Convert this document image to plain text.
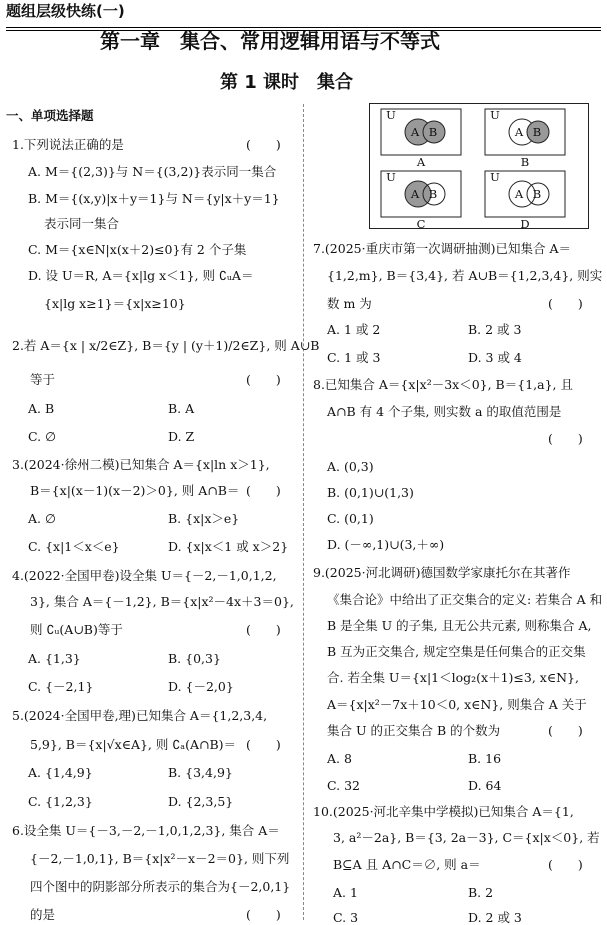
题组层级快练(一)
第一章　集合、常用逻辑用语与不等式
第 1 课时　集合
一、单项选择题
1.下列说法正确的是	(　　)
A. M＝{(2,3)}与 N＝{(3,2)}表示同一集合
B. M＝{(x,y)|x＋y＝1}与 N＝{y|x＋y＝1}
表示同一集合
C. M＝{x∈N|x(x＋2)≤0}有 2 个子集
D. 设 U＝R, A＝{x|lg x＜1}, 则 ∁ᵤA＝
{x|lg x≥1}＝{x|x≥10}
2.若 A＝{x | x/2∈Z}, B＝{y | (y＋1)/2∈Z}, 则 A∪B
等于	(　　)
A. B	B. A
C. ∅	D. Z
3.(2024·徐州二模)已知集合 A＝{x|ln x＞1},
B＝{x|(x－1)(x－2)＞0}, 则 A∩B＝ (　　)
A. ∅	B. {x|x＞e}
C. {x|1＜x＜e}	D. {x|x＜1 或 x＞2}
4.(2022·全国甲卷)设全集 U＝{－2,－1,0,1,2,
3}, 集合 A＝{－1,2}, B＝{x|x²－4x＋3＝0},
则 ∁ᵤ(A∪B)等于	(　　)
A. {1,3}	B. {0,3}
C. {－2,1}	D. {－2,0}
5.(2024·全国甲卷,理)已知集合 A＝{1,2,3,4,
5,9}, B＝{x|√x∈A}, 则 ∁ₐ(A∩B)＝ (　　)
A. {1,4,9}	B. {3,4,9}
C. {1,2,3}	D. {2,3,5}
6.设全集 U＝{－3,－2,－1,0,1,2,3}, 集合 A＝
{－2,－1,0,1}, B＝{x|x²－x－2＝0}, 则下列
四个图中的阴影部分所表示的集合为{－2,0,1}
的是	(　　)
7.(2025·重庆市第一次调研抽测)已知集合 A＝
{1,2,m}, B＝{3,4}, 若 A∪B＝{1,2,3,4}, 则实
数 m 为	(　　)
A. 1 或 2	B. 2 或 3
C. 1 或 3	D. 3 或 4
8.已知集合 A＝{x|x²－3x＜0}, B＝{1,a}, 且
A∩B 有 4 个子集, 则实数 a 的取值范围是
(　　)
A. (0,3)
B. (0,1)∪(1,3)
C. (0,1)
D. (－∞,1)∪(3,＋∞)
9.(2025·河北调研)德国数学家康托尔在其著作
《集合论》中给出了正交集合的定义: 若集合 A 和
B 是全集 U 的子集, 且无公共元素, 则称集合 A,
B 互为正交集合, 规定空集是任何集合的正交集
合. 若全集 U＝{x|1＜log₂(x＋1)≤3, x∈N},
A＝{x|x²－7x＋10＜0, x∈N}, 则集合 A 关于
集合 U 的正交集合 B 的个数为	(　　)
A. 8	B. 16
C. 32	D. 64
10.(2025·河北辛集中学模拟)已知集合 A＝{1,
3, a²－2a}, B＝{3, 2a－3}, C＝{x|x＜0}, 若
B⊆A 且 A∩C＝∅, 则 a＝	(　　)
A. 1	B. 2
C. 3	D. 2 或 3
U	U
U	U
A B	A B
A B	A B
A	B
C	D
